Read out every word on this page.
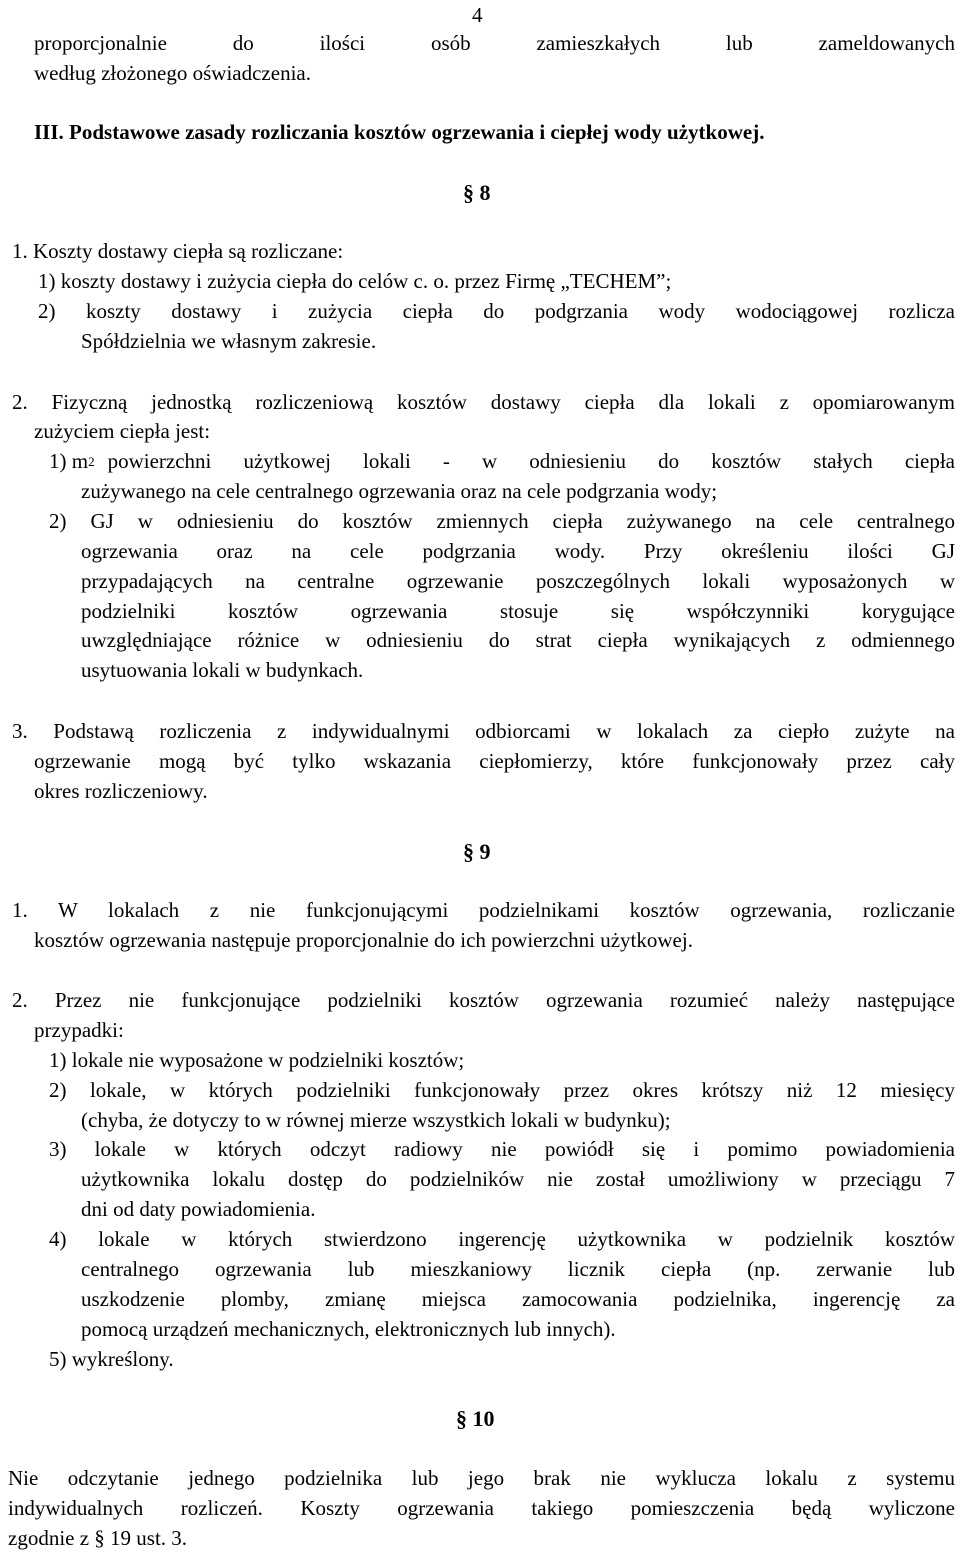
4
proporcjonalnie do ilości osób zamieszkałych lub zameldowanych
według złożonego oświadczenia.
III. Podstawowe zasady rozliczania kosztów ogrzewania i ciepłej wody użytkowej.
§ 8
1. Koszty dostawy ciepła są rozliczane:
1) koszty dostawy i zużycia ciepła do celów c. o. przez Firmę „TECHEM”;
2) koszty dostawy i zużycia ciepła do podgrzania wody wodociągowej rozlicza
Spółdzielnia we własnym zakresie.
2. Fizyczną jednostką rozliczeniową kosztów dostawy ciepła dla lokali z opomiarowanym
zużyciem ciepła jest:
1) $m^2$ powierzchni użytkowej lokali - w odniesieniu do kosztów stałych ciepła
zużywanego na cele centralnego ogrzewania oraz na cele podgrzania wody;
2) GJ w odniesieniu do kosztów zmiennych ciepła zużywanego na cele centralnego
ogrzewania oraz na cele podgrzania wody. Przy określeniu ilości GJ
przypadających na centralne ogrzewanie poszczególnych lokali wyposażonych w
podzielniki kosztów ogrzewania stosuje się współczynniki korygujące
uwzględniające różnice w odniesieniu do strat ciepła wynikających z odmiennego
usytuowania lokali w budynkach.
3. Podstawą rozliczenia z indywidualnymi odbiorcami w lokalach za ciepło zużyte na
ogrzewanie mogą być tylko wskazania ciepłomierzy, które funkcjonowały przez cały
okres rozliczeniowy.
§ 9
1. W lokalach z nie funkcjonującymi podzielnikami kosztów ogrzewania, rozliczanie
kosztów ogrzewania następuje proporcjonalnie do ich powierzchni użytkowej.
2. Przez nie funkcjonujące podzielniki kosztów ogrzewania rozumieć należy następujące
przypadki:
1) lokale nie wyposażone w podzielniki kosztów;
2) lokale, w których podzielniki funkcjonowały przez okres krótszy niż 12 miesięcy
(chyba, że dotyczy to w równej mierze wszystkich lokali w budynku);
3) lokale w których odczyt radiowy nie powiódł się i pomimo powiadomienia
użytkownika lokalu dostęp do podzielników nie został umożliwiony w przeciągu 7
dni od daty powiadomienia.
4) lokale w których stwierdzono ingerencję użytkownika w podzielnik kosztów
centralnego ogrzewania lub mieszkaniowy licznik ciepła (np. zerwanie lub
uszkodzenie plomby, zmianę miejsca zamocowania podzielnika, ingerencję za
pomocą urządzeń mechanicznych, elektronicznych lub innych).
5) wykreślony.
§ 10
Nie odczytanie jednego podzielnika lub jego brak nie wyklucza lokalu z systemu
indywidualnych rozliczeń. Koszty ogrzewania takiego pomieszczenia będą wyliczone
zgodnie z § 19 ust. 3.
